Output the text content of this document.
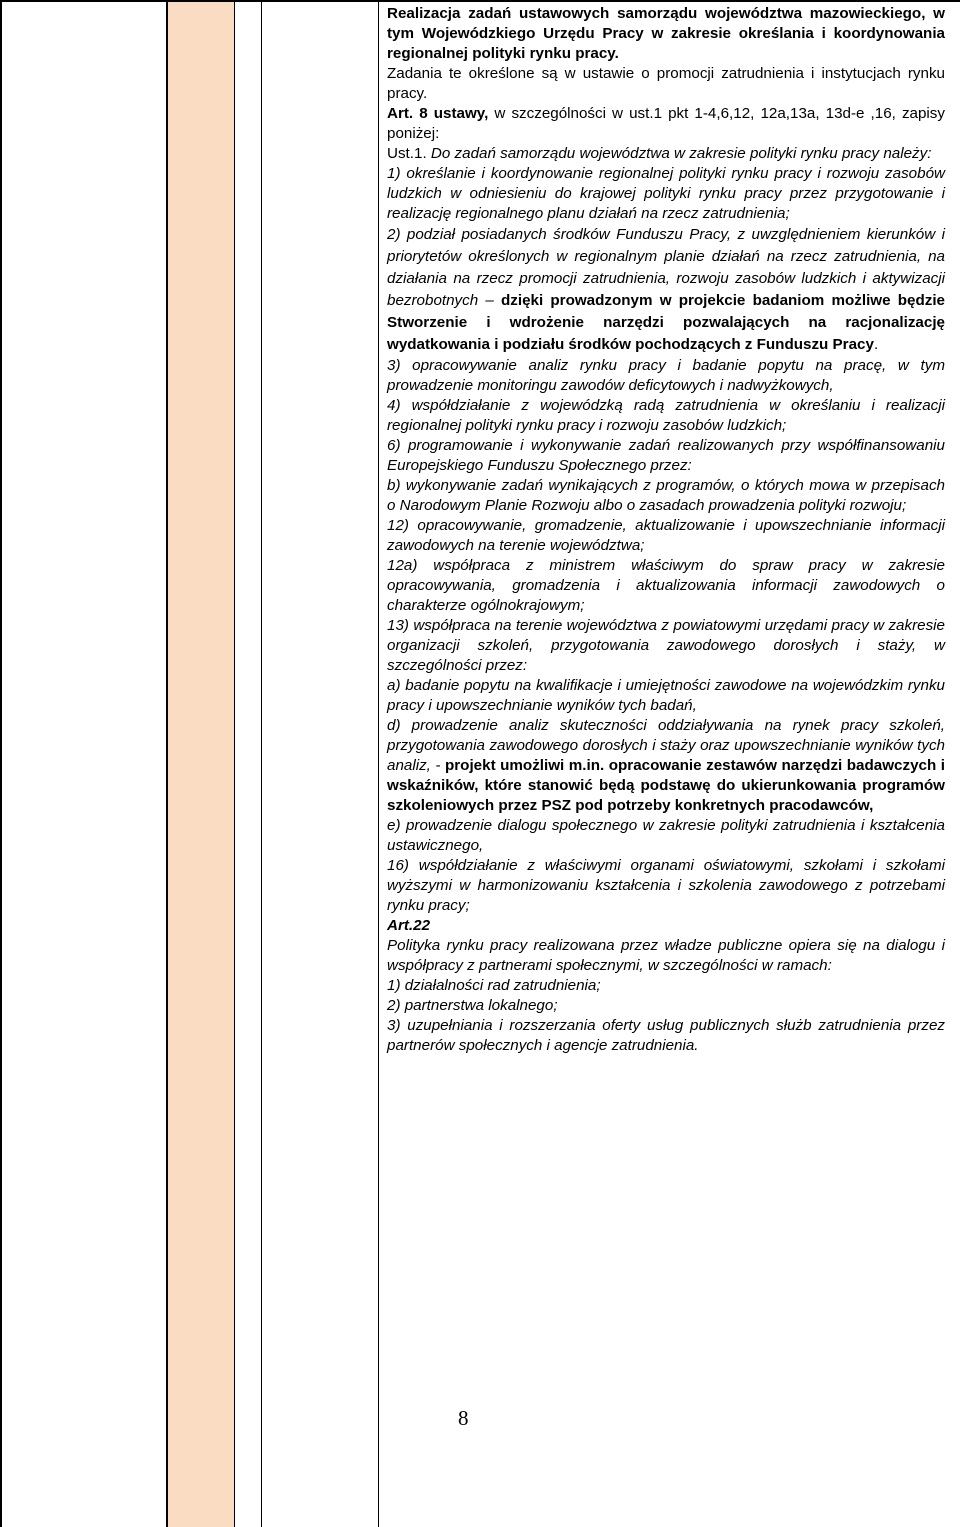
Realizacja zadań ustawowych samorządu województwa mazowieckiego, w tym Wojewódzkiego Urzędu Pracy w zakresie określania i koordynowania regionalnej polityki rynku pracy.

Zadania te określone są w ustawie o promocji zatrudnienia i instytucjach rynku pracy.

Art. 8 ustawy, w szczególności w ust.1 pkt 1-4,6,12, 12a,13a, 13d-e ,16, zapisy poniżej:

Ust.1. Do zadań samorządu województwa w zakresie polityki rynku pracy należy:

1) określanie i koordynowanie regionalnej polityki rynku pracy i rozwoju zasobów ludzkich w odniesieniu do krajowej polityki rynku pracy przez przygotowanie i realizację regionalnego planu działań na rzecz zatrudnienia;

2) podział posiadanych środków Funduszu Pracy, z uwzględnieniem kierunków i priorytetów określonych w regionalnym planie działań na rzecz zatrudnienia, na działania na rzecz promocji zatrudnienia, rozwoju zasobów ludzkich i aktywizacji bezrobotnych – dzięki prowadzonym w projekcie badaniom możliwe będzie Stworzenie i wdrożenie narzędzi pozwalających na racjonalizację wydatkowania i podziału środków pochodzących z Funduszu Pracy.

3) opracowywanie analiz rynku pracy i badanie popytu na pracę, w tym prowadzenie monitoringu zawodów deficytowych i nadwyżkowych,

4) współdziałanie z wojewódzką radą zatrudnienia w określaniu i realizacji regionalnej polityki rynku pracy i rozwoju zasobów ludzkich;

6) programowanie i wykonywanie zadań realizowanych przy współfinansowaniu Europejskiego Funduszu Społecznego przez:

b) wykonywanie zadań wynikających z programów, o których mowa w przepisach o Narodowym Planie Rozwoju albo o zasadach prowadzenia polityki rozwoju;

12) opracowywanie, gromadzenie, aktualizowanie i upowszechnianie informacji zawodowych na terenie województwa;

12a) współpraca z ministrem właściwym do spraw pracy w zakresie opracowywania, gromadzenia i aktualizowania informacji zawodowych o charakterze ogólnokrajowym;

13) współpraca na terenie województwa z powiatowymi urzędami pracy w zakresie organizacji szkoleń, przygotowania zawodowego dorosłych i staży, w szczególności przez:

a) badanie popytu na kwalifikacje i umiejętności zawodowe na wojewódzkim rynku pracy i upowszechnianie wyników tych badań,

d) prowadzenie analiz skuteczności oddziaływania na rynek pracy szkoleń, przygotowania zawodowego dorosłych i staży oraz upowszechnianie wyników tych analiz, - projekt umożliwi m.in. opracowanie zestawów narzędzi badawczych i wskaźników, które stanowić będą podstawę do ukierunkowania programów szkoleniowych przez PSZ pod potrzeby konkretnych pracodawców,

e) prowadzenie dialogu społecznego w zakresie polityki zatrudnienia i kształcenia ustawicznego,

16) współdziałanie z właściwymi organami oświatowymi, szkołami i szkołami wyższymi w harmonizowaniu kształcenia i szkolenia zawodowego z potrzebami rynku pracy;

Art.22

Polityka rynku pracy realizowana przez władze publiczne opiera się na dialogu i współpracy z partnerami społecznymi, w szczególności w ramach:

1) działalności rad zatrudnienia;

2) partnerstwa lokalnego;

3) uzupełniania i rozszerzania oferty usług publicznych służb zatrudnienia przez partnerów społecznych i agencje zatrudnienia.

8
